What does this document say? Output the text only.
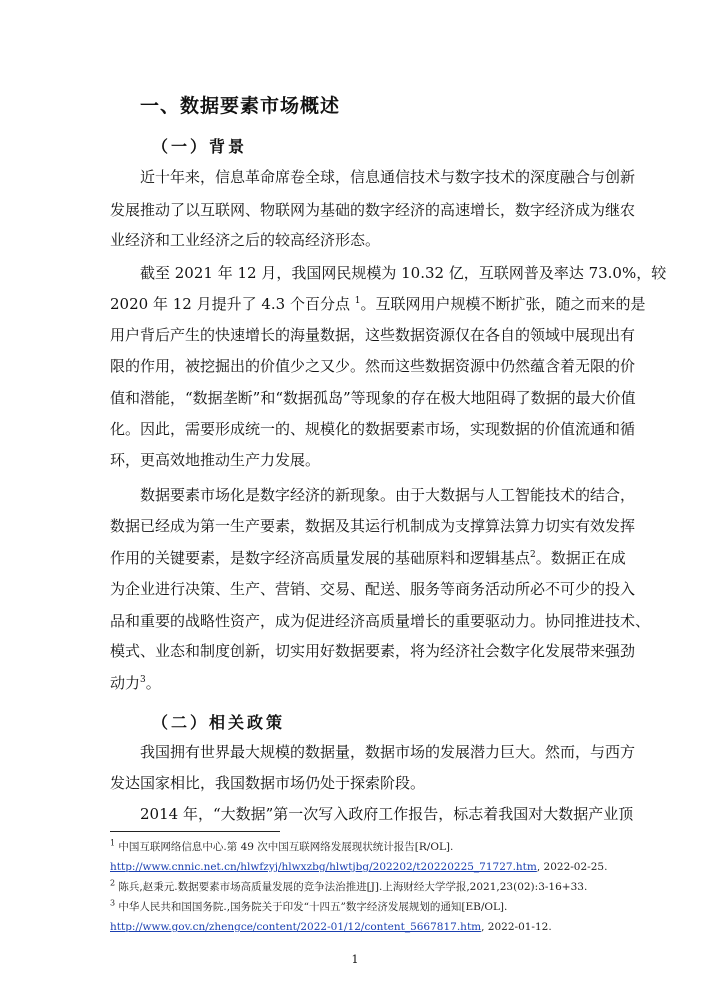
一、数据要素市场概述
（一）背景

近十年来，信息革命席卷全球，信息通信技术与数字技术的深度融合与创新

发展推动了以互联网、物联网为基础的数字经济的高速增长，数字经济成为继农

业经济和工业经济之后的较高经济形态。

截至 2021 年 12 月，我国网民规模为 10.32 亿，互联网普及率达 73.0%，较

2020 年 12 月提升了 4.3 个百分点 $^1$。互联网用户规模不断扩张，随之而来的是

用户背后产生的快速增长的海量数据，这些数据资源仅在各自的领域中展现出有

限的作用，被挖掘出的价值少之又少。然而这些数据资源中仍然蕴含着无限的价

值和潜能，“数据垄断”和“数据孤岛”等现象的存在极大地阻碍了数据的最大价值

化。因此，需要形成统一的、规模化的数据要素市场，实现数据的价值流通和循

环，更高效地推动生产力发展。

数据要素市场化是数字经济的新现象。由于大数据与人工智能技术的结合，

数据已经成为第一生产要素，数据及其运行机制成为支撑算法算力切实有效发挥

作用的关键要素，是数字经济高质量发展的基础原料和逻辑基点$^2$。数据正在成

为企业进行决策、生产、营销、交易、配送、服务等商务活动所必不可少的投入

品和重要的战略性资产，成为促进经济高质量增长的重要驱动力。协同推进技术、

模式、业态和制度创新，切实用好数据要素，将为经济社会数字化发展带来强劲

动力$^3$。

（二）相关政策

我国拥有世界最大规模的数据量，数据市场的发展潜力巨大。然而，与西方

发达国家相比，我国数据市场仍处于探索阶段。

2014 年，“大数据”第一次写入政府工作报告，标志着我国对大数据产业顶

$^1$ 中国互联网络信息中心.第 49 次中国互联网络发展现状统计报告[R/OL].

http://www.cnnic.net.cn/hlwfzyj/hlwxzbg/hlwtjbg/202202/t20220225_71727.htm, 2022-02-25.

$^2$ 陈兵,赵秉元.数据要素市场高质量发展的竞争法治推进[J].上海财经大学学报,2021,23(02):3-16+33.

$^3$ 中华人民共和国国务院.,国务院关于印发“十四五”数字经济发展规划的通知[EB/OL].

http://www.gov.cn/zhengce/content/2022-01/12/content_5667817.htm, 2022-01-12.

1
